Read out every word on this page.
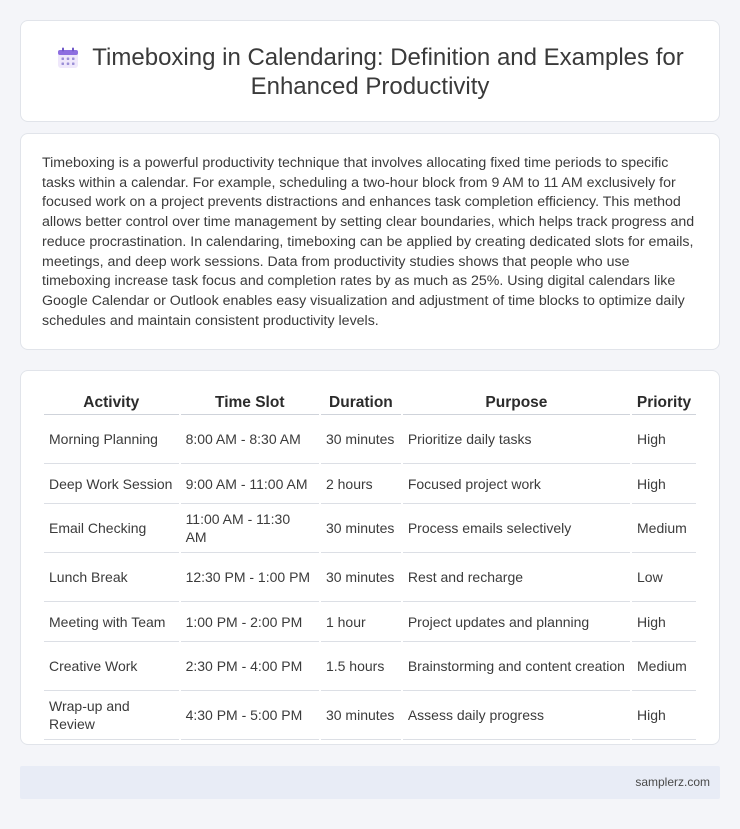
Timeboxing in Calendaring: Definition and Examples for
Enhanced Productivity

Timeboxing is a powerful productivity technique that involves allocating fixed time periods to specific tasks within a calendar. For example, scheduling a two-hour block from 9 AM to 11 AM exclusively for focused work on a project prevents distractions and enhances task completion efficiency. This method allows better control over time management by setting clear boundaries, which helps track progress and reduce procrastination. In calendaring, timeboxing can be applied by creating dedicated slots for emails, meetings, and deep work sessions. Data from productivity studies shows that people who use timeboxing increase task focus and completion rates by as much as 25%. Using digital calendars like Google Calendar or Outlook enables easy visualization and adjustment of time blocks to optimize daily schedules and maintain consistent productivity levels.

Activity	Time Slot	Duration	Purpose	Priority
Morning Planning	8:00 AM - 8:30 AM	30 minutes	Prioritize daily tasks	High
Deep Work Session	9:00 AM - 11:00 AM	2 hours	Focused project work	High
Email Checking	11:00 AM - 11:30 AM	30 minutes	Process emails selectively	Medium
Lunch Break	12:30 PM - 1:00 PM	30 minutes	Rest and recharge	Low
Meeting with Team	1:00 PM - 2:00 PM	1 hour	Project updates and planning	High
Creative Work	2:30 PM - 4:00 PM	1.5 hours	Brainstorming and content creation	Medium
Wrap-up and Review	4:30 PM - 5:00 PM	30 minutes	Assess daily progress	High
samplerz.com
